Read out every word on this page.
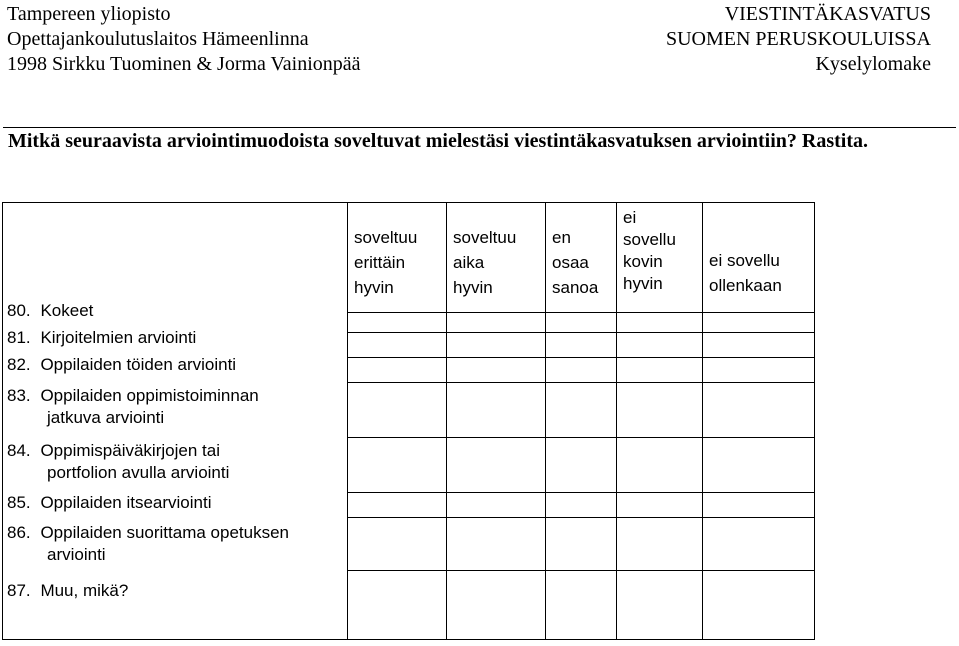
Tampereen yliopisto
Opettajankoulutuslaitos Hämeenlinna
1998 Sirkku Tuominen & Jorma Vainionpää
VIESTINTÄKASVATUS
SUOMEN PERUSKOULUISSA
Kyselylomake
Mitkä seuraavista arviointimuodoista soveltuvat mielestäsi viestintäkasvatuksen arviointiin? Rastita.
soveltuu
erittäin
hyvin
soveltuu
aika
hyvin
en
osaa
sanoa
ei
sovellu
kovin
hyvin
ei sovellu
ollenkaan
80.  Kokeet
81.  Kirjoitelmien arviointi
82.  Oppilaiden töiden arviointi
83.  Oppilaiden oppimistoiminnan
jatkuva arviointi
84.  Oppimispäiväkirjojen tai
portfolion avulla arviointi
85.  Oppilaiden itsearviointi
86.  Oppilaiden suorittama opetuksen
arviointi
87.  Muu, mikä?
